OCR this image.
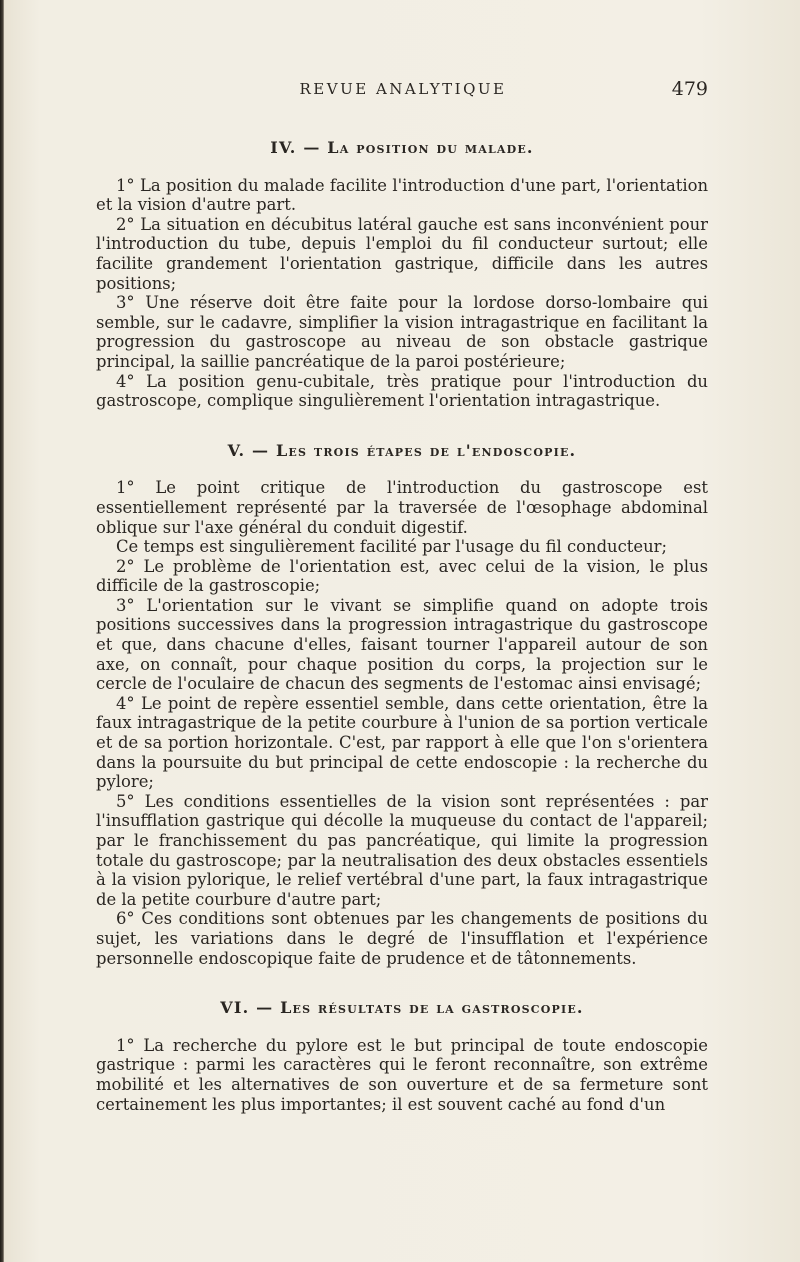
REVUE ANALYTIQUE	479
IV. — La position du malade.

1° La position du malade facilite l'introduction d'une part, l'orientation et la vision d'autre part.

2° La situation en décubitus latéral gauche est sans inconvénient pour l'introduction du tube, depuis l'emploi du fil conducteur surtout; elle facilite grandement l'orientation gastrique, difficile dans les autres positions;

3° Une réserve doit être faite pour la lordose dorso-lombaire qui semble, sur le cadavre, simplifier la vision intragastrique en facilitant la progression du gastroscope au niveau de son obstacle gastrique principal, la saillie pancréatique de la paroi postérieure;

4° La position genu-cubitale, très pratique pour l'introduction du gastroscope, complique singulièrement l'orientation intragastrique.

V. — Les trois étapes de l'endoscopie.

1° Le point critique de l'introduction du gastroscope est essentiellement représenté par la traversée de l'œsophage abdominal oblique sur l'axe général du conduit digestif.

Ce temps est singulièrement facilité par l'usage du fil conducteur;

2° Le problème de l'orientation est, avec celui de la vision, le plus difficile de la gastroscopie;

3° L'orientation sur le vivant se simplifie quand on adopte trois positions successives dans la progression intragastrique du gastroscope et que, dans chacune d'elles, faisant tourner l'appareil autour de son axe, on connaît, pour chaque position du corps, la projection sur le cercle de l'oculaire de chacun des segments de l'estomac ainsi envisagé;

4° Le point de repère essentiel semble, dans cette orientation, être la faux intragastrique de la petite courbure à l'union de sa portion verticale et de sa portion horizontale. C'est, par rapport à elle que l'on s'orientera dans la poursuite du but principal de cette endoscopie : la recherche du pylore;

5° Les conditions essentielles de la vision sont représentées : par l'insufflation gastrique qui décolle la muqueuse du contact de l'appareil; par le franchissement du pas pancréatique, qui limite la progression totale du gastroscope; par la neutralisation des deux obstacles essentiels à la vision pylorique, le relief vertébral d'une part, la faux intragastrique de la petite courbure d'autre part;

6° Ces conditions sont obtenues par les changements de positions du sujet, les variations dans le degré de l'insufflation et l'expérience personnelle endoscopique faite de prudence et de tâtonnements.

VI. — Les résultats de la gastroscopie.

1° La recherche du pylore est le but principal de toute endoscopie gastrique : parmi les caractères qui le feront reconnaître, son extrême mobilité et les alternatives de son ouverture et de sa fermeture sont certainement les plus importantes; il est souvent caché au fond d'un
